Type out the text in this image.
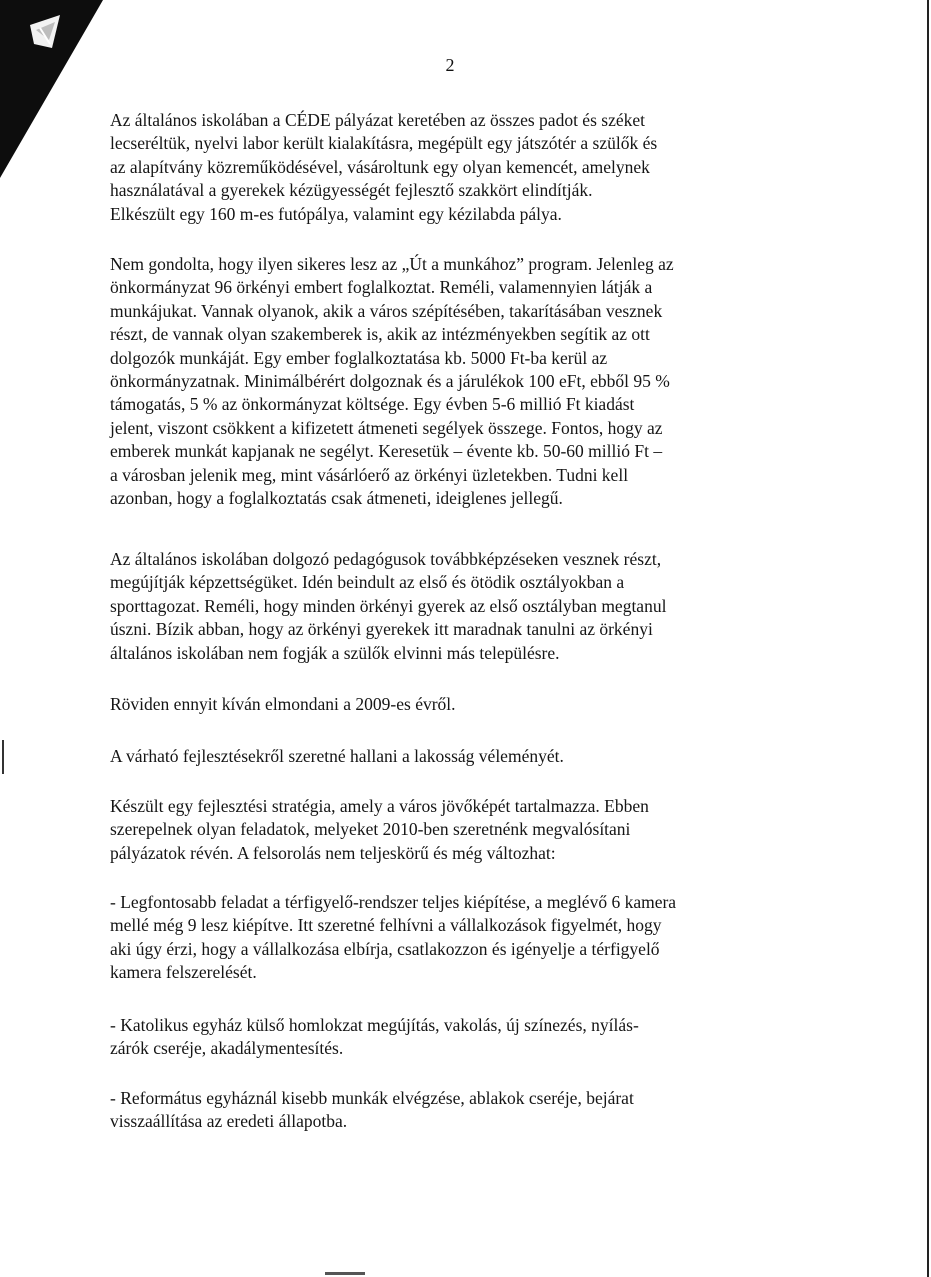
2
Az általános iskolában a CÉDE pályázat keretében az összes padot és széket
lecseréltük, nyelvi labor került kialakításra, megépült egy játszótér a szülők és
az alapítvány közreműködésével, vásároltunk egy olyan kemencét, amelynek
használatával a gyerekek kézügyességét fejlesztő szakkört elindítják.
Elkészült egy 160 m-es futópálya, valamint egy kézilabda pálya.
Nem gondolta, hogy ilyen sikeres lesz az „Út a munkához” program. Jelenleg az
önkormányzat 96 örkényi embert foglalkoztat. Reméli, valamennyien látják a
munkájukat. Vannak olyanok, akik a város szépítésében, takarításában vesznek
részt, de vannak olyan szakemberek is, akik az intézményekben segítik az ott
dolgozók munkáját. Egy ember foglalkoztatása kb. 5000 Ft-ba kerül az
önkormányzatnak. Minimálbérért dolgoznak és a járulékok 100 eFt, ebből 95 %
támogatás, 5 % az önkormányzat költsége. Egy évben 5-6 millió Ft kiadást
jelent, viszont csökkent a kifizetett átmeneti segélyek összege. Fontos, hogy az
emberek munkát kapjanak ne segélyt. Keresetük – évente kb. 50-60 millió Ft –
a városban jelenik meg, mint vásárlóerő az örkényi üzletekben. Tudni kell
azonban, hogy a foglalkoztatás csak átmeneti, ideiglenes jellegű.
Az általános iskolában dolgozó pedagógusok továbbképzéseken vesznek részt,
megújítják képzettségüket. Idén beindult az első és ötödik osztályokban a
sporttagozat. Reméli, hogy minden örkényi gyerek az első osztályban megtanul
úszni. Bízik abban, hogy az örkényi gyerekek itt maradnak tanulni az örkényi
általános iskolában nem fogják a szülők elvinni más településre.
Röviden ennyit kíván elmondani a 2009-es évről.
A várható fejlesztésekről szeretné hallani a lakosság véleményét.
Készült egy fejlesztési stratégia, amely a város jövőképét tartalmazza. Ebben
szerepelnek olyan feladatok, melyeket 2010-ben szeretnénk megvalósítani
pályázatok révén. A felsorolás nem teljeskörű és még változhat:
- Legfontosabb feladat a térfigyelő-rendszer teljes kiépítése, a meglévő 6 kamera
mellé még 9 lesz kiépítve. Itt szeretné felhívni a vállalkozások figyelmét, hogy
aki úgy érzi, hogy a vállalkozása elbírja, csatlakozzon és igényelje a térfigyelő
kamera felszerelését.
- Katolikus egyház külső homlokzat megújítás, vakolás, új színezés, nyílás-
zárók cseréje, akadálymentesítés.
- Református egyháznál kisebb munkák elvégzése, ablakok cseréje, bejárat
visszaállítása az eredeti állapotba.
